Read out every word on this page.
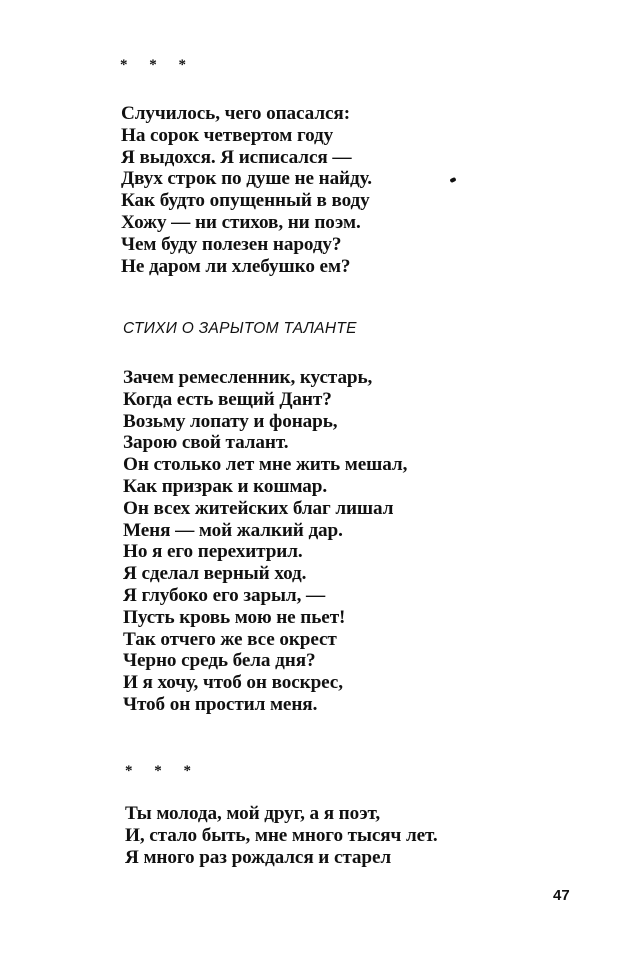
* * *
Случилось, чего опасался:
На сорок четвертом году
Я выдохся. Я исписался —
Двух строк по душе не найду.
Как будто опущенный в воду
Хожу — ни стихов, ни поэм.
Чем буду полезен народу?
Не даром ли хлебушко ем?
СТИХИ О ЗАРЫТОМ ТАЛАНТЕ
Зачем ремесленник, кустарь,
Когда есть вещий Дант?
Возьму лопату и фонарь,
Зарою свой талант.
Он столько лет мне жить мешал,
Как призрак и кошмар.
Он всех житейских благ лишал
Меня — мой жалкий дар.
Но я его перехитрил.
Я сделал верный ход.
Я глубоко его зарыл, —
Пусть кровь мою не пьет!
Так отчего же все окрест
Черно средь бела дня?
И я хочу, чтоб он воскрес,
Чтоб он простил меня.
* * *
Ты молода, мой друг, а я поэт,
И, стало быть, мне много тысяч лет.
Я много раз рождался и старел
47
